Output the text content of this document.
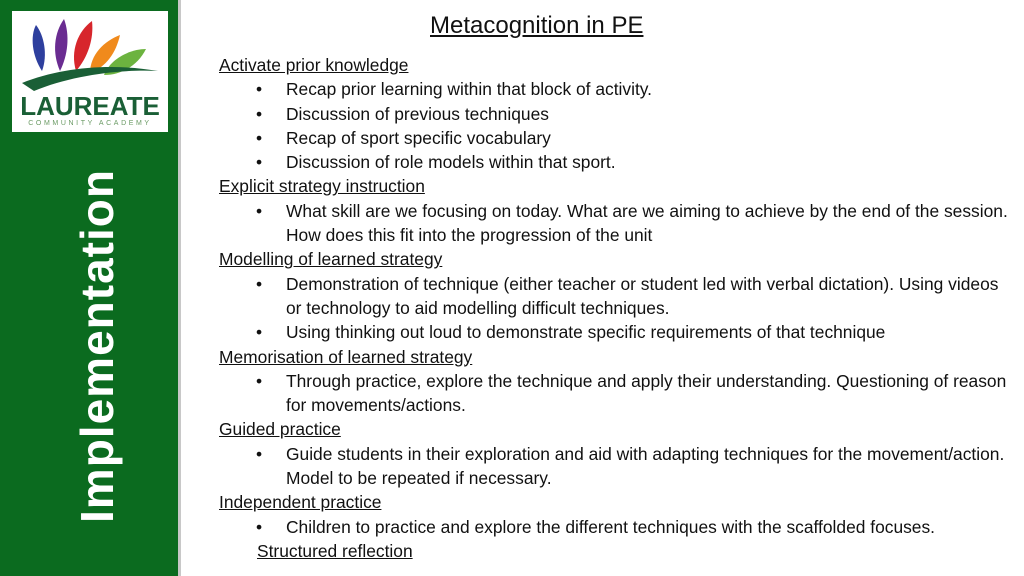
LAUREATE
COMMUNITY ACADEMY
Implementation
Metacognition in PE
Activate prior knowledge
• Recap prior learning within that block of activity.
• Discussion of previous techniques
• Recap of sport specific vocabulary
• Discussion of role models within that sport.
Explicit strategy instruction
• What skill are we focusing on today. What are we aiming to achieve by the end of the session. How does this fit into the progression of the unit
Modelling of learned strategy
• Demonstration of technique (either teacher or student led with verbal dictation). Using videos or technology to aid modelling difficult techniques.
• Using thinking out loud to demonstrate specific requirements of that technique
Memorisation of learned strategy
• Through practice, explore the technique and apply their understanding. Questioning of reason for movements/actions.
Guided practice
• Guide students in their exploration and aid with adapting techniques for the movement/action. Model to be repeated if necessary.
Independent practice
• Children to practice and explore the different techniques with the scaffolded focuses.
Structured reflection
